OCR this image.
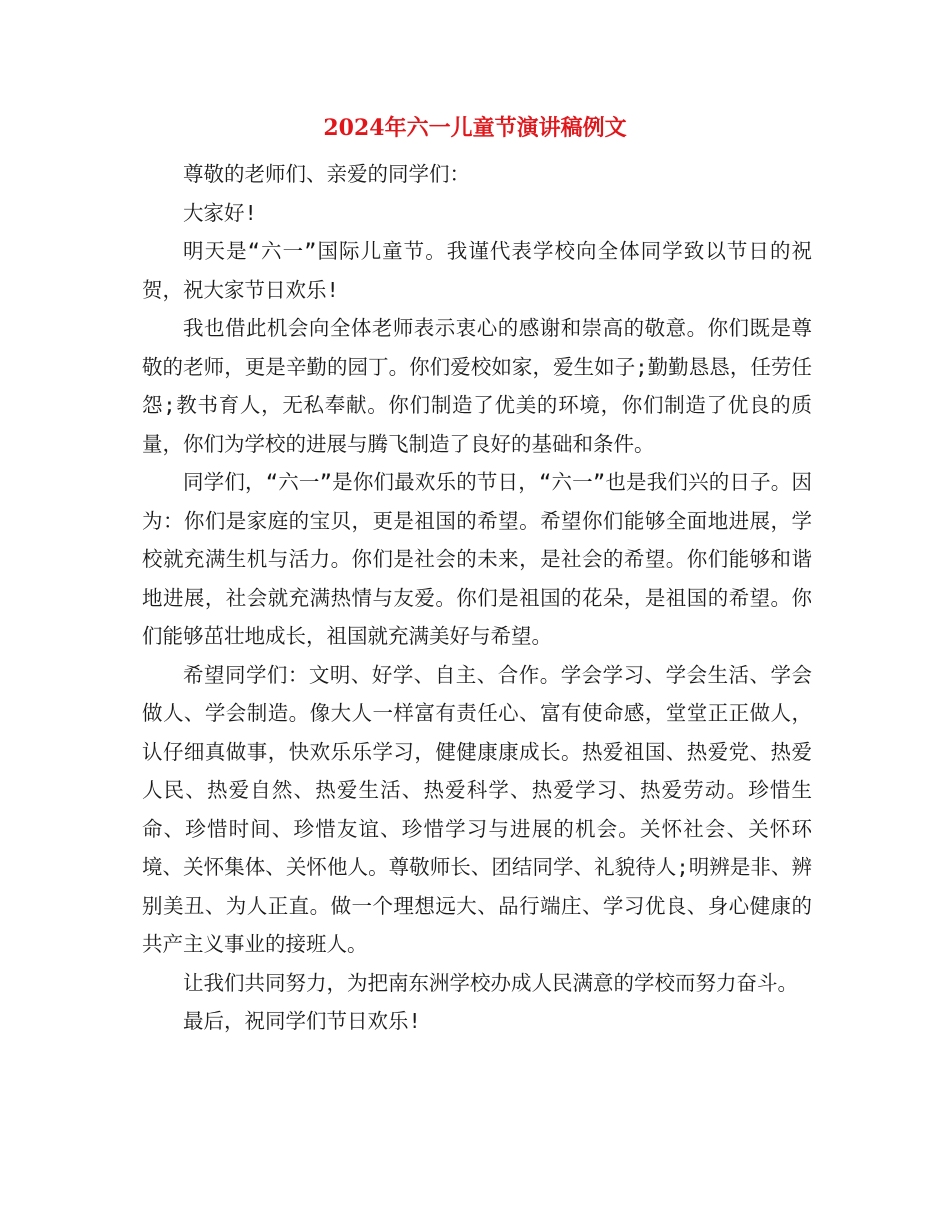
2024年六一儿童节演讲稿例文

尊敬的老师们、亲爱的同学们：

大家好!

明天是“六一”国际儿童节。我谨代表学校向全体同学致以节日的祝贺，祝大家节日欢乐!

我也借此机会向全体老师表示衷心的感谢和崇高的敬意。你们既是尊敬的老师，更是辛勤的园丁。你们爱校如家，爱生如子;勤勤恳恳，任劳任怨;教书育人，无私奉献。你们制造了优美的环境，你们制造了优良的质量，你们为学校的进展与腾飞制造了良好的基础和条件。

同学们，“六一”是你们最欢乐的节日，“六一”也是我们兴的日子。因为：你们是家庭的宝贝，更是祖国的希望。希望你们能够全面地进展，学校就充满生机与活力。你们是社会的未来，是社会的希望。你们能够和谐地进展，社会就充满热情与友爱。你们是祖国的花朵，是祖国的希望。你们能够茁壮地成长，祖国就充满美好与希望。

希望同学们：文明、好学、自主、合作。学会学习、学会生活、学会做人、学会制造。像大人一样富有责任心、富有使命感，堂堂正正做人，认仔细真做事，快欢乐乐学习，健健康康成长。热爱祖国、热爱党、热爱人民、热爱自然、热爱生活、热爱科学、热爱学习、热爱劳动。珍惜生命、珍惜时间、珍惜友谊、珍惜学习与进展的机会。关怀社会、关怀环境、关怀集体、关怀他人。尊敬师长、团结同学、礼貌待人;明辨是非、辨别美丑、为人正直。做一个理想远大、品行端庄、学习优良、身心健康的共产主义事业的接班人。

让我们共同努力，为把南东洲学校办成人民满意的学校而努力奋斗。

最后，祝同学们节日欢乐!
